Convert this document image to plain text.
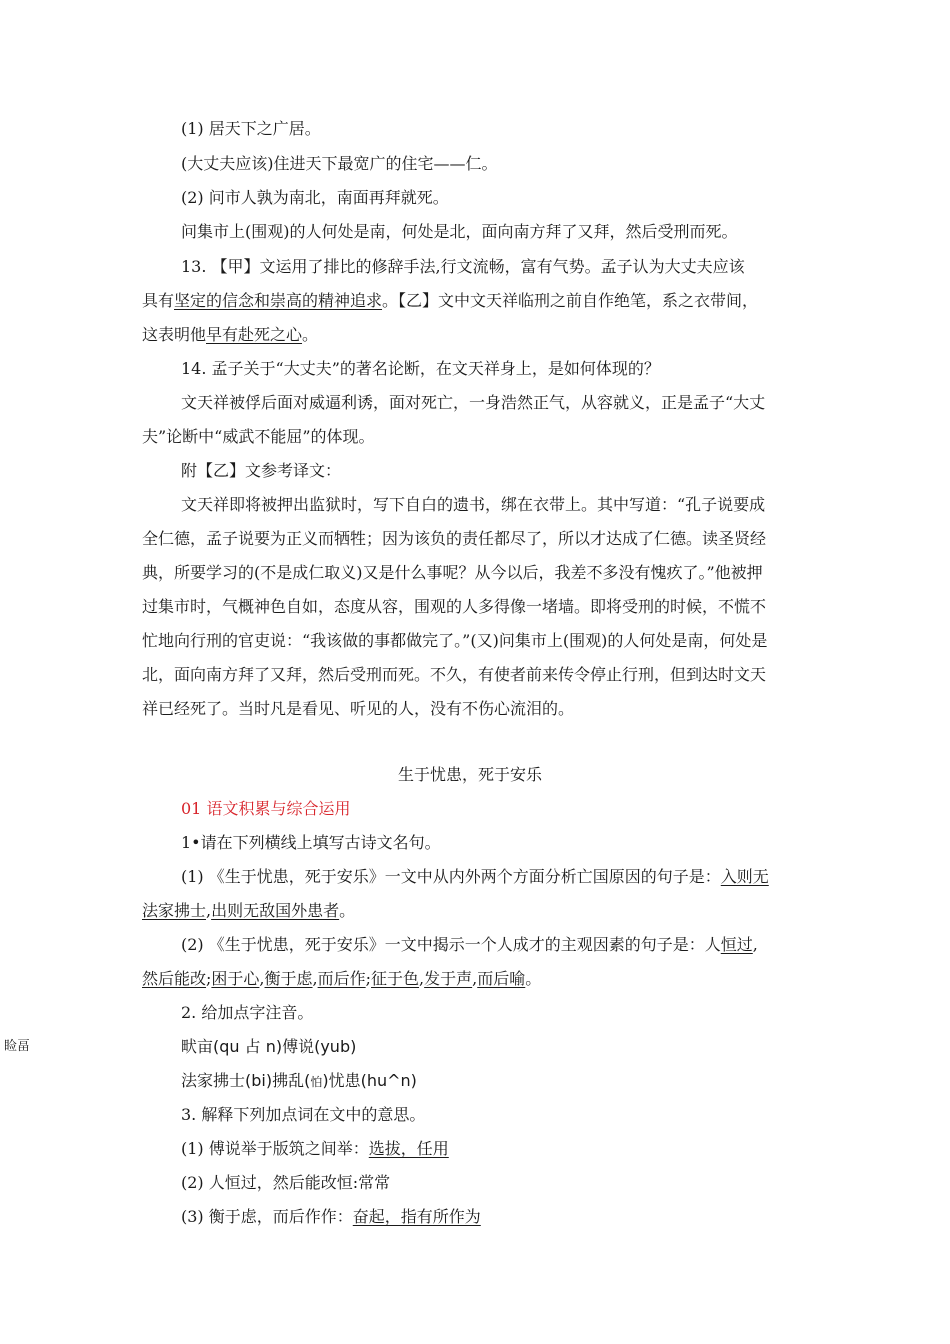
(1) 居天下之广居。
(大丈夫应该)住进天下最宽广的住宅——仁。
(2) 问市人孰为南北，南面再拜就死。
问集市上(围观)的人何处是南，何处是北，面向南方拜了又拜，然后受刑而死。
13. 【甲】文运用了排比的修辞手法,行文流畅，富有气势。孟子认为大丈夫应该
具有坚定的信念和崇高的精神追求。【乙】文中文天祥临刑之前自作绝笔，系之衣带间，
这表明他早有赴死之心。
14. 孟子关于“大丈夫”的著名论断，在文天祥身上，是如何体现的？
文天祥被俘后面对威逼利诱，面对死亡，一身浩然正气，从容就义，正是孟子“大丈
夫”论断中“威武不能屈”的体现。
附【乙】文参考译文：
文天祥即将被押出监狱时，写下自白的遗书，绑在衣带上。其中写道：“孔子说要成
全仁德，孟子说要为正义而牺牲；因为该负的责任都尽了，所以才达成了仁德。读圣贤经
典，所要学习的(不是成仁取义)又是什么事呢？从今以后，我差不多没有愧疚了。”他被押
过集市时，气概神色自如，态度从容，围观的人多得像一堵墙。即将受刑的时候，不慌不
忙地向行刑的官吏说：“我该做的事都做完了。”(又)问集市上(围观)的人何处是南，何处是
北，面向南方拜了又拜，然后受刑而死。不久，有使者前来传令停止行刑，但到达时文天
祥已经死了。当时凡是看见、听见的人，没有不伤心流泪的。
生于忧患，死于安乐
01 语文积累与综合运用
1•请在下列横线上填写古诗文名句。
(1) 《生于忧患，死于安乐》一文中从内外两个方面分析亡国原因的句子是：入则无
法家拂士,出则无敌国外患者。
(2) 《生于忧患，死于安乐》一文中揭示一个人成才的主观因素的句子是：人恒过,
然后能改;困于心,衡于虑,而后作;征于色,发于声,而后喻。
2. 给加点字注音。
畎亩(qu 占 n)傅说(yub)
法家拂士(bi)拂乱(怕)忧患(hu^n)
3. 解释下列加点词在文中的意思。
(1) 傅说举于版筑之间举：选拔，任用
(2) 人恒过，然后能改恒:常常
(3) 衡于虑，而后作作：奋起，指有所作为
睑畐
